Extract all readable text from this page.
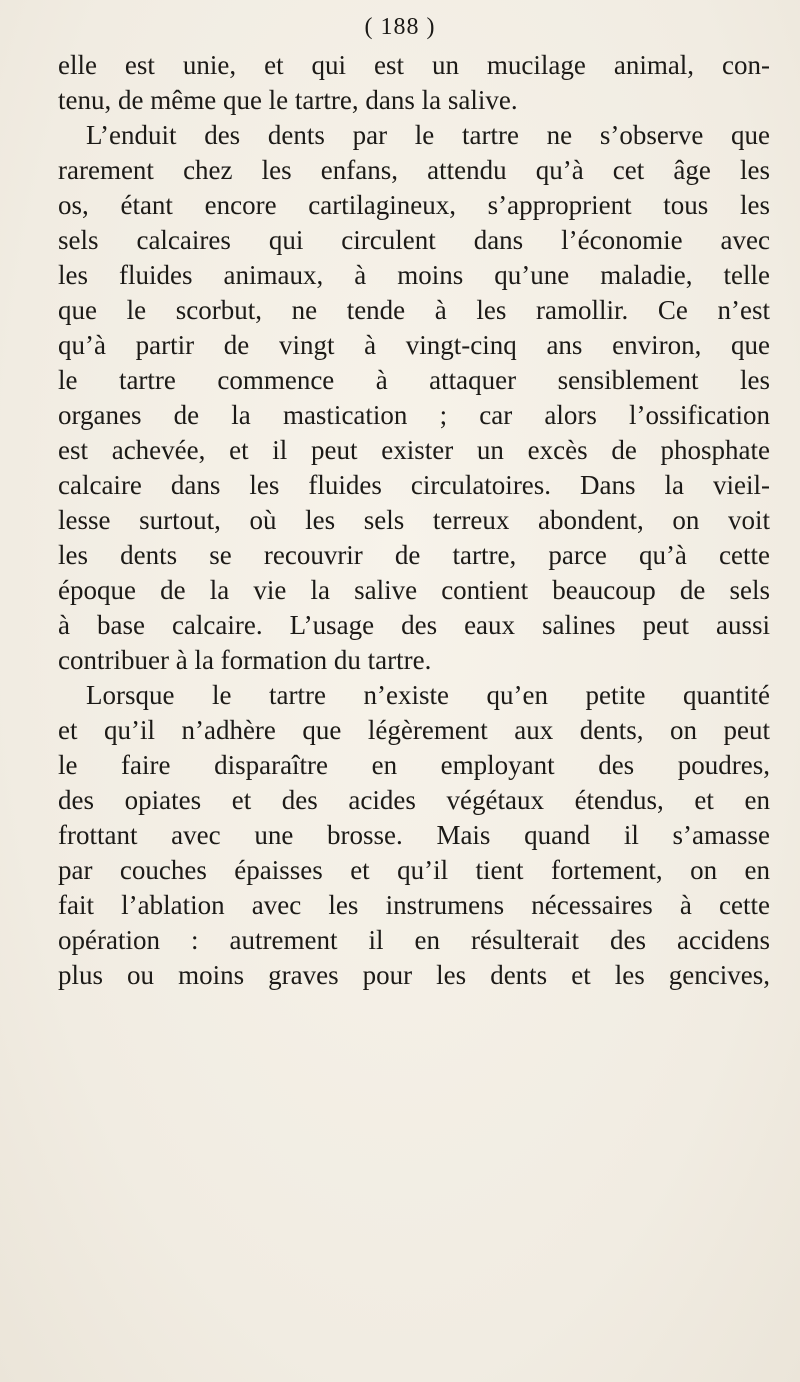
( 188 )
elle est unie, et qui est un mucilage animal, con-
tenu, de même que le tartre, dans la salive.
L’enduit des dents par le tartre ne s’observe que
rarement chez les enfans, attendu qu’à cet âge les
os, étant encore cartilagineux, s’approprient tous les
sels calcaires qui circulent dans l’économie avec
les fluides animaux, à moins qu’une maladie, telle
que le scorbut, ne tende à les ramollir. Ce n’est
qu’à partir de vingt à vingt-cinq ans environ, que
le tartre commence à attaquer sensiblement les
organes de la mastication ; car alors l’ossification
est achevée, et il peut exister un excès de phosphate
calcaire dans les fluides circulatoires. Dans la vieil-
lesse surtout, où les sels terreux abondent, on voit
les dents se recouvrir de tartre, parce qu’à cette
époque de la vie la salive contient beaucoup de sels
à base calcaire. L’usage des eaux salines peut aussi
contribuer à la formation du tartre.
Lorsque le tartre n’existe qu’en petite quantité
et qu’il n’adhère que légèrement aux dents, on peut
le faire disparaître en employant des poudres,
des opiates et des acides végétaux étendus, et en
frottant avec une brosse. Mais quand il s’amasse
par couches épaisses et qu’il tient fortement, on en
fait l’ablation avec les instrumens nécessaires à cette
opération : autrement il en résulterait des accidens
plus ou moins graves pour les dents et les gencives,
